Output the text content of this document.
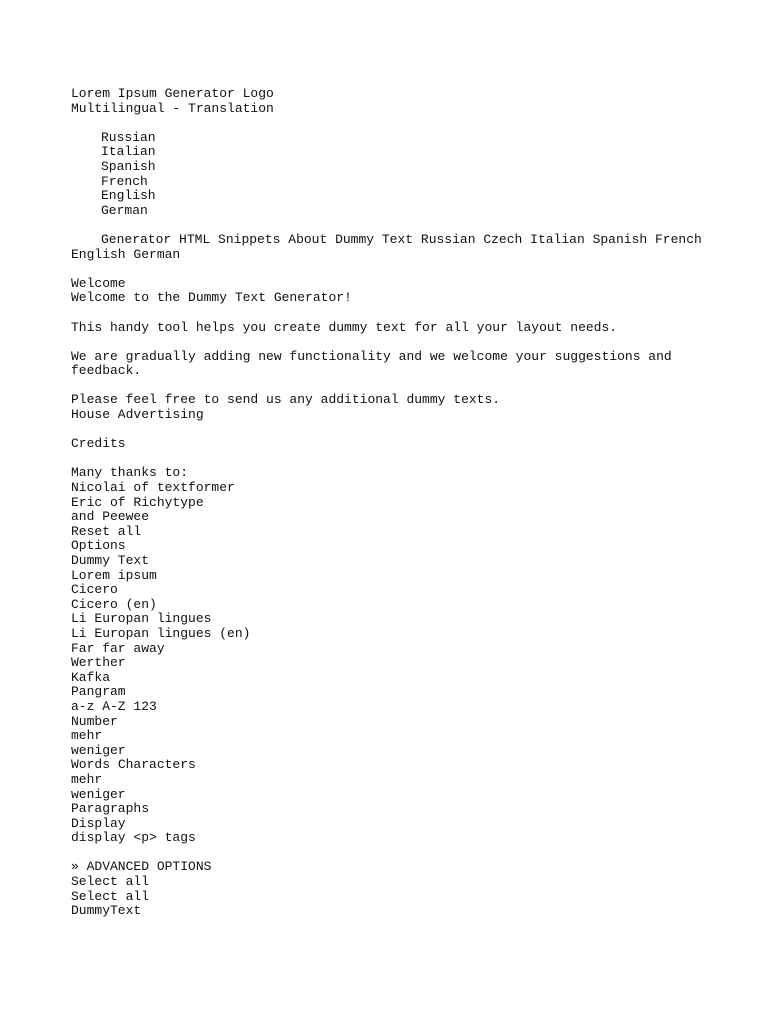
Lorem Ipsum Generator Logo
Multilingual - Translation
Russian
Italian
Spanish
French
English
German
Generator HTML Snippets About Dummy Text Russian Czech Italian Spanish French
English German
Welcome
Welcome to the Dummy Text Generator!
This handy tool helps you create dummy text for all your layout needs.
We are gradually adding new functionality and we welcome your suggestions and
feedback.
Please feel free to send us any additional dummy texts.
House Advertising
Credits
Many thanks to:
Nicolai of textformer
Eric of Richytype
and Peewee
Reset all
Options
Dummy Text
Lorem ipsum
Cicero
Cicero (en)
Li Europan lingues
Li Europan lingues (en)
Far far away
Werther
Kafka
Pangram
a-z A-Z 123
Number
mehr
weniger
Words Characters
mehr
weniger
Paragraphs
Display
display <p> tags
» ADVANCED OPTIONS
Select all
Select all
DummyText
